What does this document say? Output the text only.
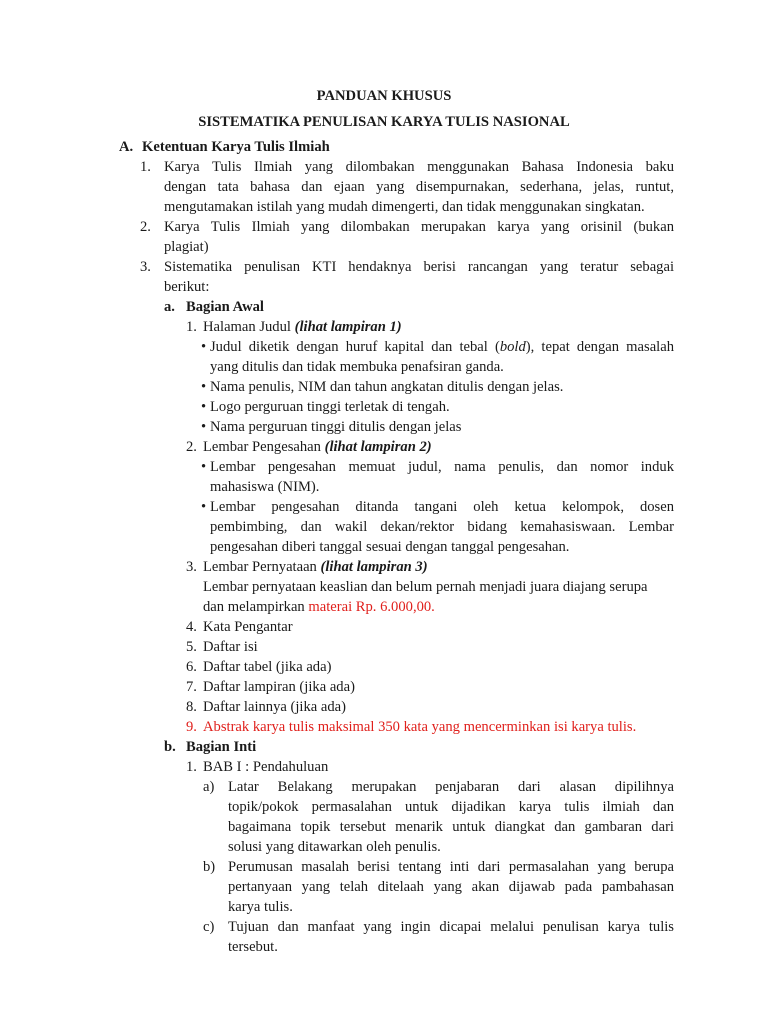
PANDUAN KHUSUS
SISTEMATIKA PENULISAN KARYA TULIS NASIONAL
A. Ketentuan Karya Tulis Ilmiah
1. Karya Tulis Ilmiah yang dilombakan menggunakan Bahasa Indonesia baku
dengan tata bahasa dan ejaan yang disempurnakan, sederhana, jelas, runtut,
mengutamakan istilah yang mudah dimengerti, dan tidak menggunakan singkatan.
2. Karya Tulis Ilmiah yang dilombakan merupakan karya yang orisinil (bukan
plagiat)
3. Sistematika penulisan KTI hendaknya berisi rancangan yang teratur sebagai
berikut:
a. Bagian Awal
1. Halaman Judul (lihat lampiran 1)
• Judul diketik dengan huruf kapital dan tebal (bold), tepat dengan masalah
yang ditulis dan tidak membuka penafsiran ganda.
• Nama penulis, NIM dan tahun angkatan ditulis dengan jelas.
• Logo perguruan tinggi terletak di tengah.
• Nama perguruan tinggi ditulis dengan jelas
2. Lembar Pengesahan (lihat lampiran 2)
• Lembar pengesahan memuat judul, nama penulis, dan nomor induk
mahasiswa (NIM).
• Lembar pengesahan ditanda tangani oleh ketua kelompok, dosen
pembimbing, dan wakil dekan/rektor bidang kemahasiswaan. Lembar
pengesahan diberi tanggal sesuai dengan tanggal pengesahan.
3. Lembar Pernyataan (lihat lampiran 3)
Lembar pernyataan keaslian dan belum pernah menjadi juara diajang serupa
dan melampirkan materai Rp. 6.000,00.
4. Kata Pengantar
5. Daftar isi
6. Daftar tabel (jika ada)
7. Daftar lampiran (jika ada)
8. Daftar lainnya (jika ada)
9. Abstrak karya tulis maksimal 350 kata yang mencerminkan isi karya tulis.
b. Bagian Inti
1. BAB I : Pendahuluan
a) Latar Belakang merupakan penjabaran dari alasan dipilihnya
topik/pokok permasalahan untuk dijadikan karya tulis ilmiah dan
bagaimana topik tersebut menarik untuk diangkat dan gambaran dari
solusi yang ditawarkan oleh penulis.
b) Perumusan masalah berisi tentang inti dari permasalahan yang berupa
pertanyaan yang telah ditelaah yang akan dijawab pada pambahasan
karya tulis.
c) Tujuan dan manfaat yang ingin dicapai melalui penulisan karya tulis
tersebut.
